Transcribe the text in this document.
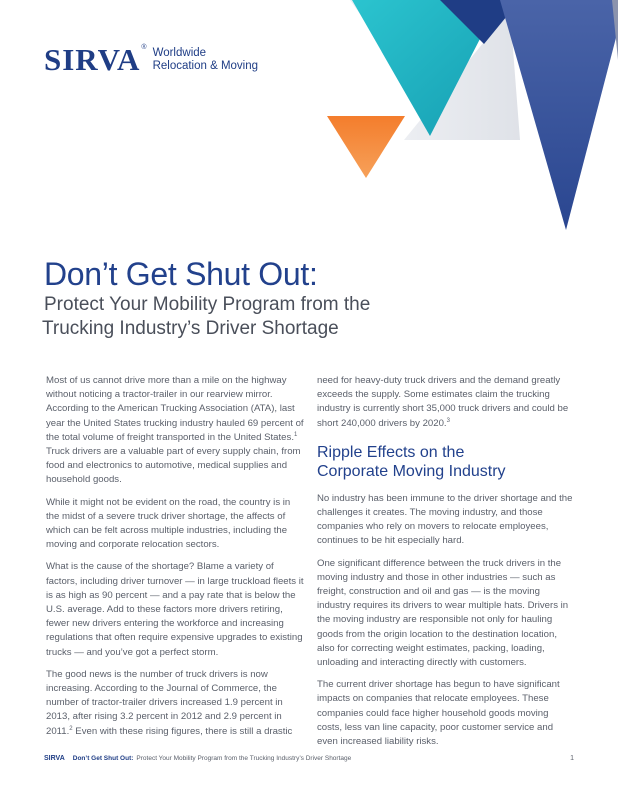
SIRVA ® Worldwide
Relocation & Moving
Don’t Get Shut Out:
Protect Your Mobility Program from the
Trucking Industry’s Driver Shortage

Most of us cannot drive more than a mile on the highway without noticing a tractor-trailer in our rearview mirror. According to the American Trucking Association (ATA), last year the United States trucking industry hauled 69 percent of the total volume of freight transported in the United States.$^1$ Truck drivers are a valuable part of every supply chain, from food and electronics to automotive, medical supplies and household goods.

While it might not be evident on the road, the country is in the midst of a severe truck driver shortage, the affects of which can be felt across multiple industries, including the moving and corporate relocation sectors.

What is the cause of the shortage? Blame a variety of factors, including driver turnover — in large truckload fleets it is as high as 90 percent — and a pay rate that is below the U.S. average. Add to these factors more drivers retiring, fewer new drivers entering the workforce and increasing regulations that often require expensive upgrades to existing trucks — and you’ve got a perfect storm.

The good news is the number of truck drivers is now increasing. According to the Journal of Commerce, the number of tractor-trailer drivers increased 1.9 percent in 2013, after rising 3.2 percent in 2012 and 2.9 percent in 2011.$^2$ Even with these rising figures, there is still a drastic

need for heavy-duty truck drivers and the demand greatly exceeds the supply. Some estimates claim the trucking industry is currently short 35,000 truck drivers and could be short 240,000 drivers by 2020.$^3$

Ripple Effects on the
Corporate Moving Industry

No industry has been immune to the driver shortage and the challenges it creates. The moving industry, and those companies who rely on movers to relocate employees, continues to be hit especially hard.

One significant difference between the truck drivers in the moving industry and those in other industries — such as freight, construction and oil and gas — is the moving industry requires its drivers to wear multiple hats. Drivers in the moving industry are responsible not only for hauling goods from the origin location to the destination location, also for correcting weight estimates, packing, loading, unloading and interacting directly with customers.

The current driver shortage has begun to have significant impacts on companies that relocate employees. These companies could face higher household goods moving costs, less van line capacity, poor customer service and even increased liability risks.

SIRVA Don’t Get Shut Out: Protect Your Mobility Program from the Trucking Industry’s Driver Shortage	1
